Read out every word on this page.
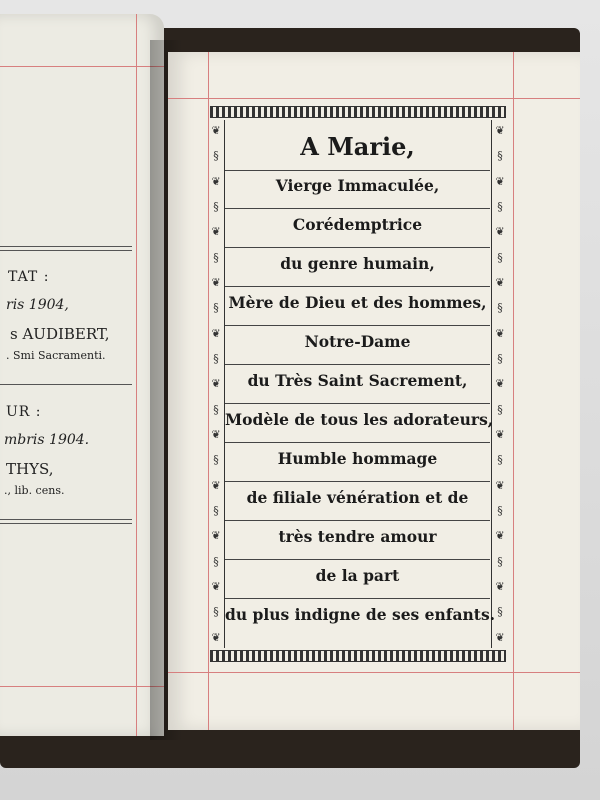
TAT :
ris 1904,
s AUDIBERT,
. Smi Sacramenti.
UR :
mbris 1904.
THYS,
., lib. cens.
❦
§
❦
§
❦
§
❦
§
❦
§
❦
§
❦
§
❦
§
❦
§
❦
§
❦
❦
§
❦
§
❦
§
❦
§
❦
§
❦
§
❦
§
❦
§
❦
§
❦
§
❦
A Marie,
Vierge Immaculée,
Corédemptrice
du genre humain,
Mère de Dieu et des hommes,
Notre-Dame
du Très Saint Sacrement,
Modèle de tous les adorateurs,
Humble hommage
de filiale vénération et de
très tendre amour
de la part
du plus indigne de ses enfants.
